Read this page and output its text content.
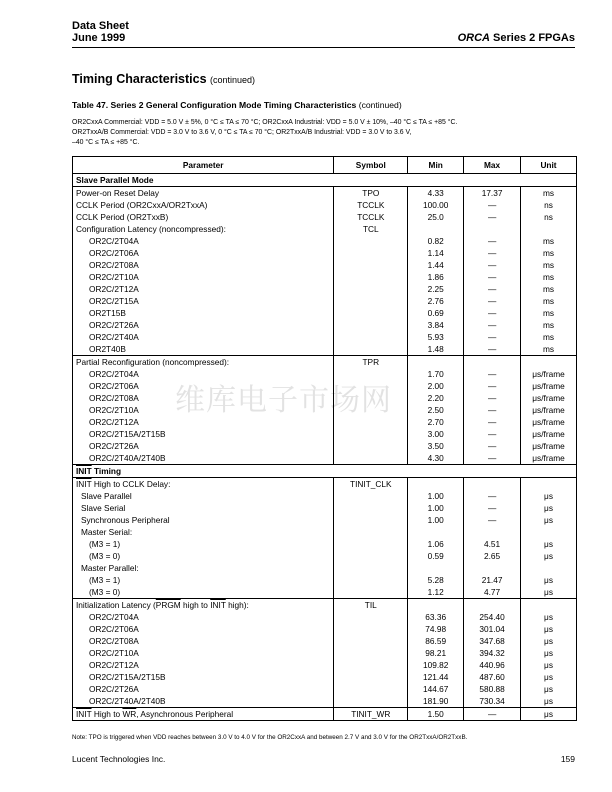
Data Sheet
June 1999	ORCA Series 2 FPGAs
Timing Characteristics (continued)
Table 47. Series 2 General Configuration Mode Timing Characteristics (continued)
OR2CxxA Commercial: VDD = 5.0 V ± 5%, 0 °C ≤ TA ≤ 70 °C; OR2CxxA Industrial: VDD = 5.0 V ± 10%, –40 °C ≤ TA ≤ +85 °C.
OR2TxxA/B Commercial: VDD = 3.0 V to 3.6 V, 0 °C ≤ TA ≤ 70 °C; OR2TxxA/B Industrial: VDD = 3.0 V to 3.6 V,
–40 °C ≤ TA ≤ +85 °C.
维库电子市场网
Parameter	Symbol	Min	Max	Unit
Slave Parallel Mode				
Power-on Reset Delay	TPO	4.33	17.37	ms
CCLK Period (OR2CxxA/OR2TxxA)	TCCLK	100.00	—	ns
CCLK Period (OR2TxxB)	TCCLK	25.0	—	ns
Configuration Latency (noncompressed):	TCL			
OR2C/2T04A		0.82	—	ms
OR2C/2T06A		1.14	—	ms
OR2C/2T08A		1.44	—	ms
OR2C/2T10A		1.86	—	ms
OR2C/2T12A		2.25	—	ms
OR2C/2T15A		2.76	—	ms
OR2T15B		0.69	—	ms
OR2C/2T26A		3.84	—	ms
OR2C/2T40A		5.93	—	ms
OR2T40B		1.48	—	ms
Partial Reconfiguration (noncompressed):	TPR			
OR2C/2T04A		1.70	—	μs/frame
OR2C/2T06A		2.00	—	μs/frame
OR2C/2T08A		2.20	—	μs/frame
OR2C/2T10A		2.50	—	μs/frame
OR2C/2T12A		2.70	—	μs/frame
OR2C/2T15A/2T15B		3.00	—	μs/frame
OR2C/2T26A		3.50	—	μs/frame
OR2C/2T40A/2T40B		4.30	—	μs/frame
INIT Timing				
INIT High to CCLK Delay:	TINIT_CLK			
Slave Parallel		1.00	—	μs
Slave Serial		1.00	—	μs
Synchronous Peripheral		1.00	—	μs
Master Serial:				
(M3 = 1)		1.06	4.51	μs
(M3 = 0)		0.59	2.65	μs
Master Parallel:				
(M3 = 1)		5.28	21.47	μs
(M3 = 0)		1.12	4.77	μs
Initialization Latency (PRGM high to INIT high):	TIL			
OR2C/2T04A		63.36	254.40	μs
OR2C/2T06A		74.98	301.04	μs
OR2C/2T08A		86.59	347.68	μs
OR2C/2T10A		98.21	394.32	μs
OR2C/2T12A		109.82	440.96	μs
OR2C/2T15A/2T15B		121.44	487.60	μs
OR2C/2T26A		144.67	580.88	μs
OR2C/2T40A/2T40B		181.90	730.34	μs
INIT High to $\overline{WR}$, Asynchronous Peripheral	TINIT_WR	1.50	—	μs
Note: TPO is triggered when VDD reaches between 3.0 V to 4.0 V for the OR2CxxA and between 2.7 V and 3.0 V for the OR2TxxA/OR2TxxB.
Lucent Technologies Inc.	159
